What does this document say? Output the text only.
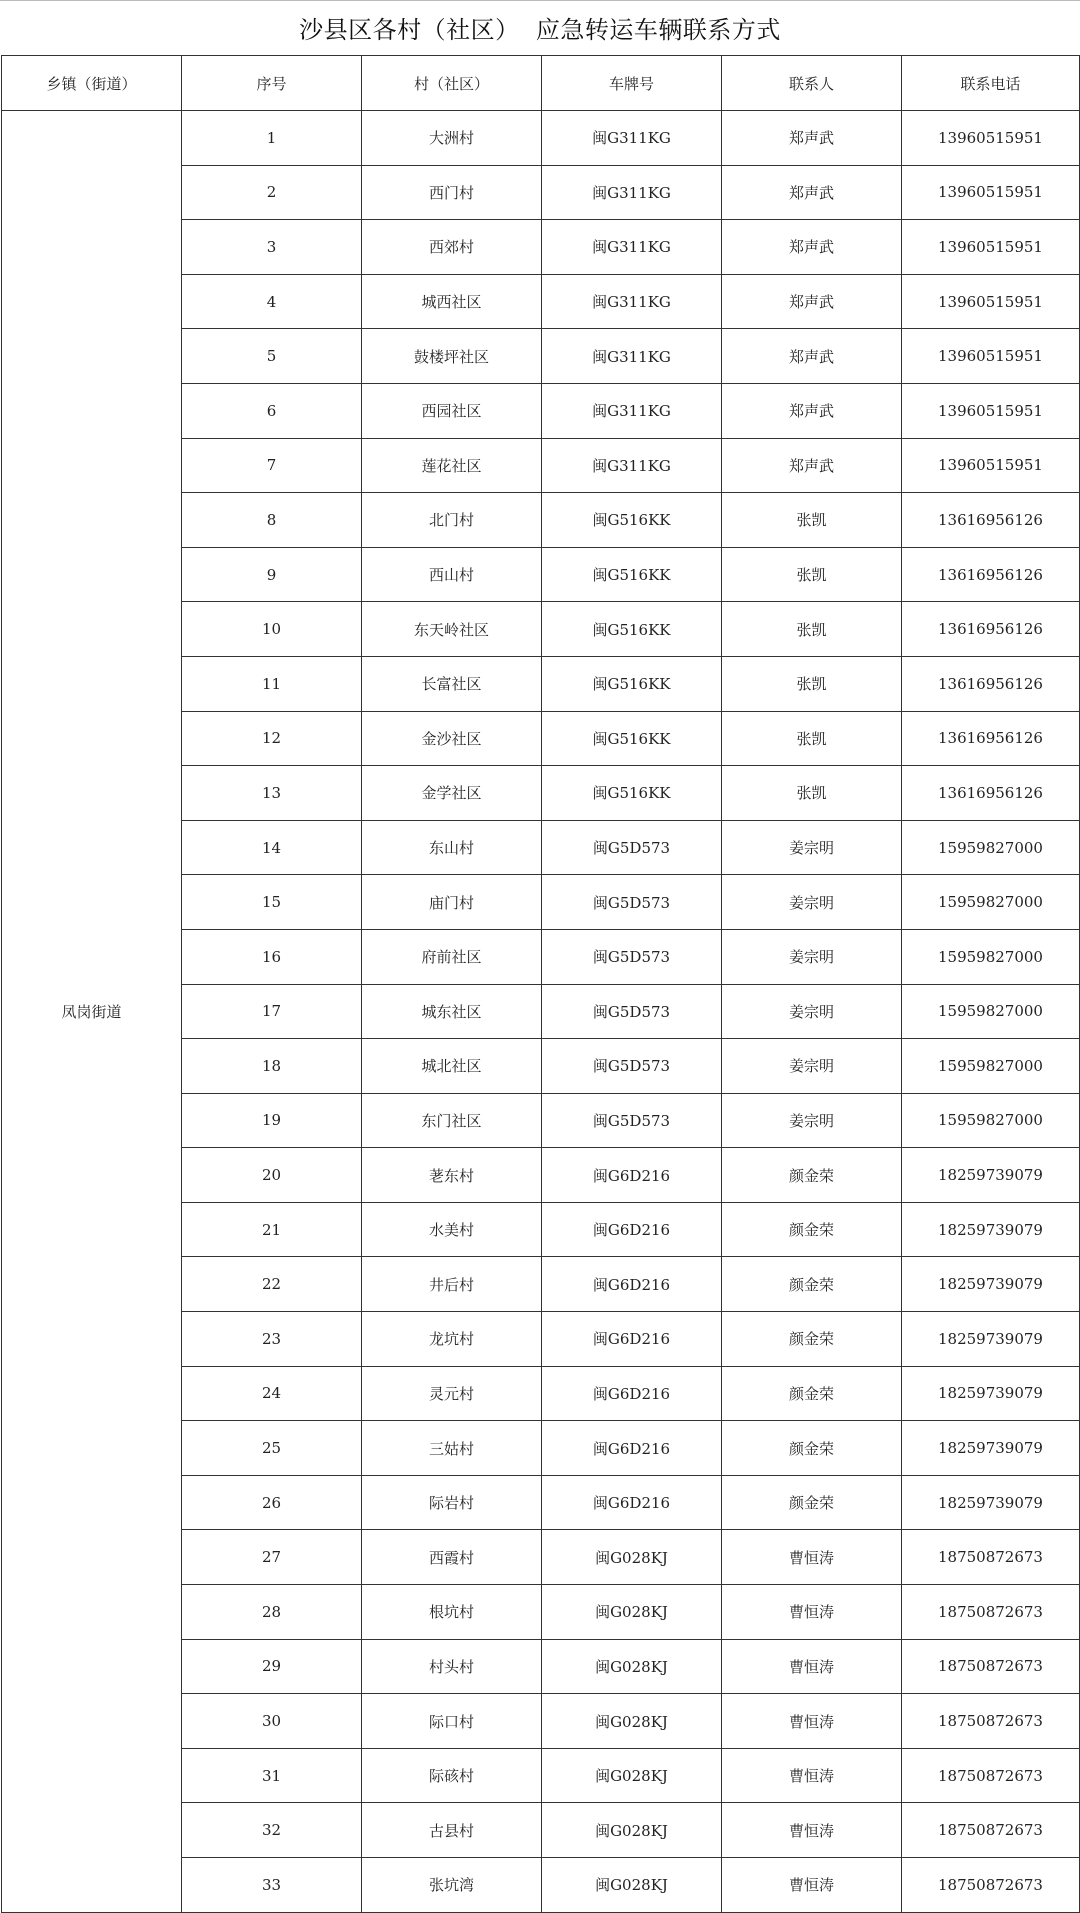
沙县区各村（社区）  应急转运车辆联系方式
乡镇（街道）	序号	村（社区）	车牌号	联系人	联系电话
凤岗街道	1	大洲村	闽G311KG	郑声武	13960515951
	2	西门村	闽G311KG	郑声武	13960515951
	3	西郊村	闽G311KG	郑声武	13960515951
	4	城西社区	闽G311KG	郑声武	13960515951
	5	鼓楼坪社区	闽G311KG	郑声武	13960515951
	6	西园社区	闽G311KG	郑声武	13960515951
	7	莲花社区	闽G311KG	郑声武	13960515951
	8	北门村	闽G516KK	张凯	13616956126
	9	西山村	闽G516KK	张凯	13616956126
	10	东天岭社区	闽G516KK	张凯	13616956126
	11	长富社区	闽G516KK	张凯	13616956126
	12	金沙社区	闽G516KK	张凯	13616956126
	13	金学社区	闽G516KK	张凯	13616956126
	14	东山村	闽G5D573	姜宗明	15959827000
	15	庙门村	闽G5D573	姜宗明	15959827000
	16	府前社区	闽G5D573	姜宗明	15959827000
	17	城东社区	闽G5D573	姜宗明	15959827000
	18	城北社区	闽G5D573	姜宗明	15959827000
	19	东门社区	闽G5D573	姜宗明	15959827000
	20	荖东村	闽G6D216	颜金荣	18259739079
	21	水美村	闽G6D216	颜金荣	18259739079
	22	井后村	闽G6D216	颜金荣	18259739079
	23	龙坑村	闽G6D216	颜金荣	18259739079
	24	灵元村	闽G6D216	颜金荣	18259739079
	25	三姑村	闽G6D216	颜金荣	18259739079
	26	际岩村	闽G6D216	颜金荣	18259739079
	27	西霞村	闽G028KJ	曹恒涛	18750872673
	28	根坑村	闽G028KJ	曹恒涛	18750872673
	29	村头村	闽G028KJ	曹恒涛	18750872673
	30	际口村	闽G028KJ	曹恒涛	18750872673
	31	际硋村	闽G028KJ	曹恒涛	18750872673
	32	古县村	闽G028KJ	曹恒涛	18750872673
	33	张坑湾	闽G028KJ	曹恒涛	18750872673
